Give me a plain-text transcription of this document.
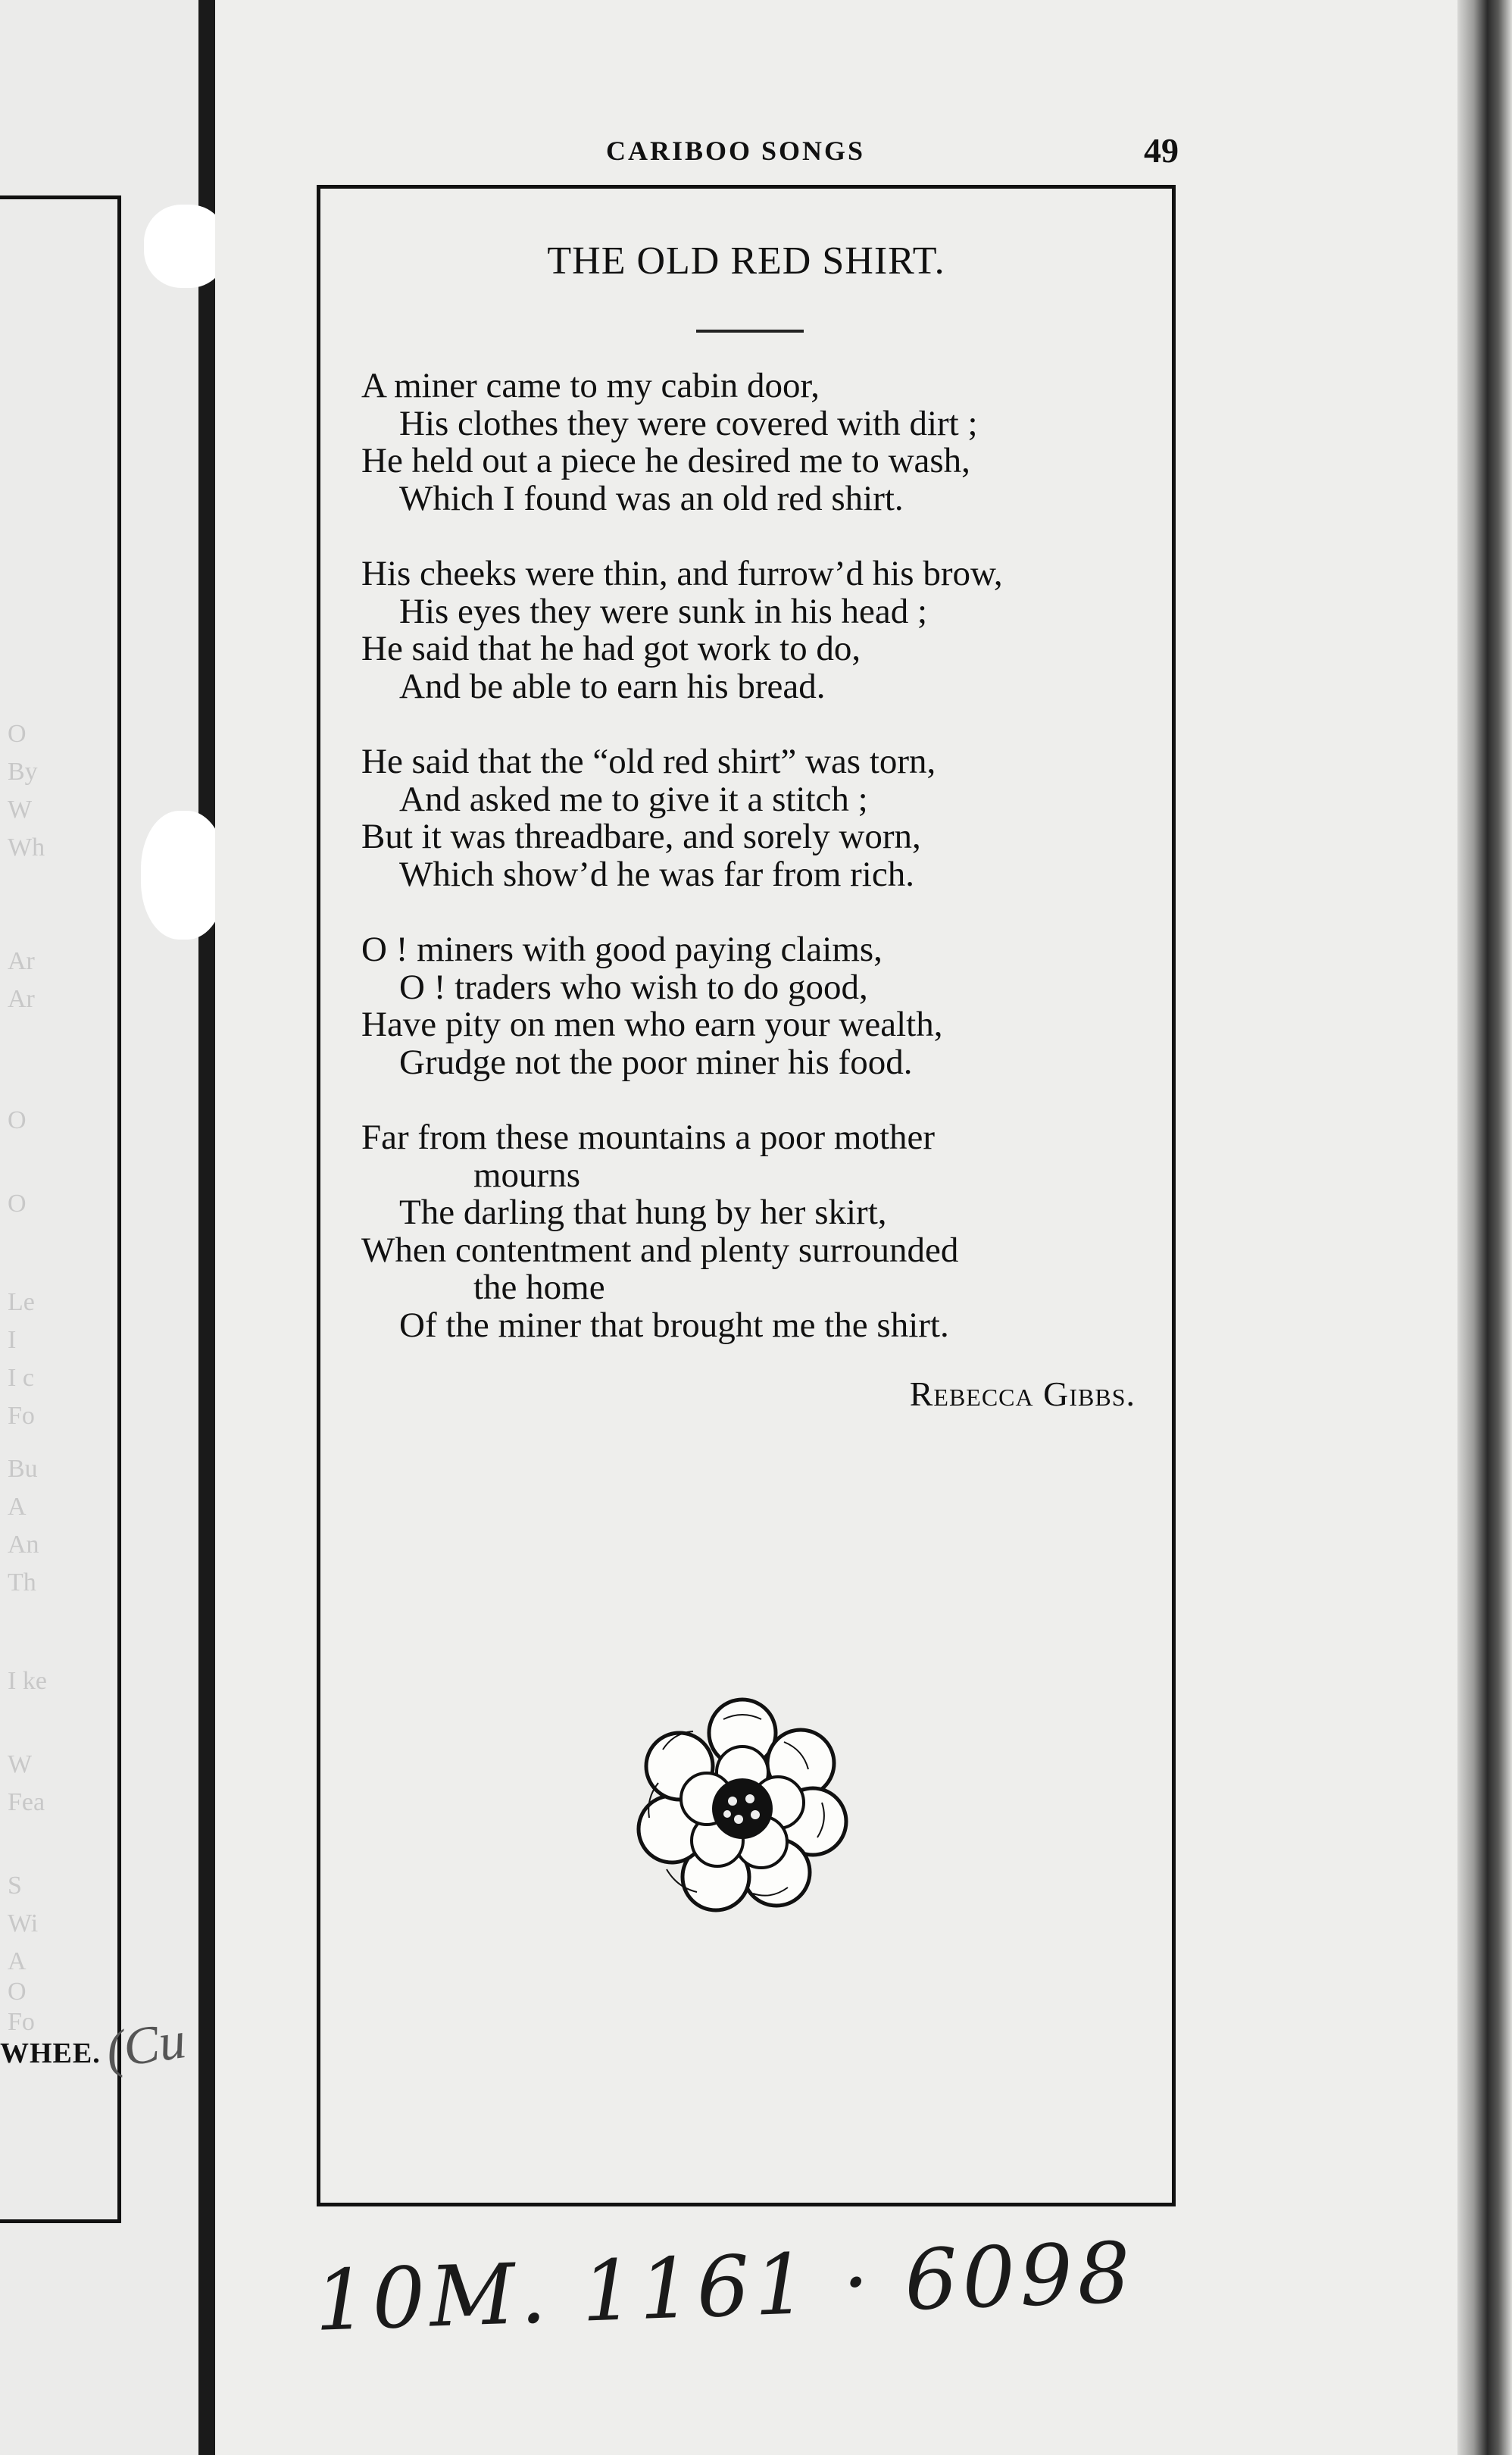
O
By
W
Wh
Ar
Ar
O
O
Le
I
I c
Fo
Bu
A
An
Th
I ke
W
Fea
S
Wi
A
O
Fo
WHEE. (Cu
CARIBOO SONGS	49
THE OLD RED SHIRT.
A miner came to my cabin door,
His clothes they were covered with dirt ;
He held out a piece he desired me to wash,
Which I found was an old red shirt.
His cheeks were thin, and furrow’d his brow,
His eyes they were sunk in his head ;
He said that he had got work to do,
And be able to earn his bread.
He said that the “old red shirt” was torn,
And asked me to give it a stitch ;
But it was threadbare, and sorely worn,
Which show’d he was far from rich.
O ! miners with good paying claims,
O ! traders who wish to do good,
Have pity on men who earn your wealth,
Grudge not the poor miner his food.
Far from these mountains a poor mother
mourns
The darling that hung by her skirt,
When contentment and plenty surrounded
the home
Of the miner that brought me the shirt.
Rebecca Gibbs.
10M. 1161 · 6098
